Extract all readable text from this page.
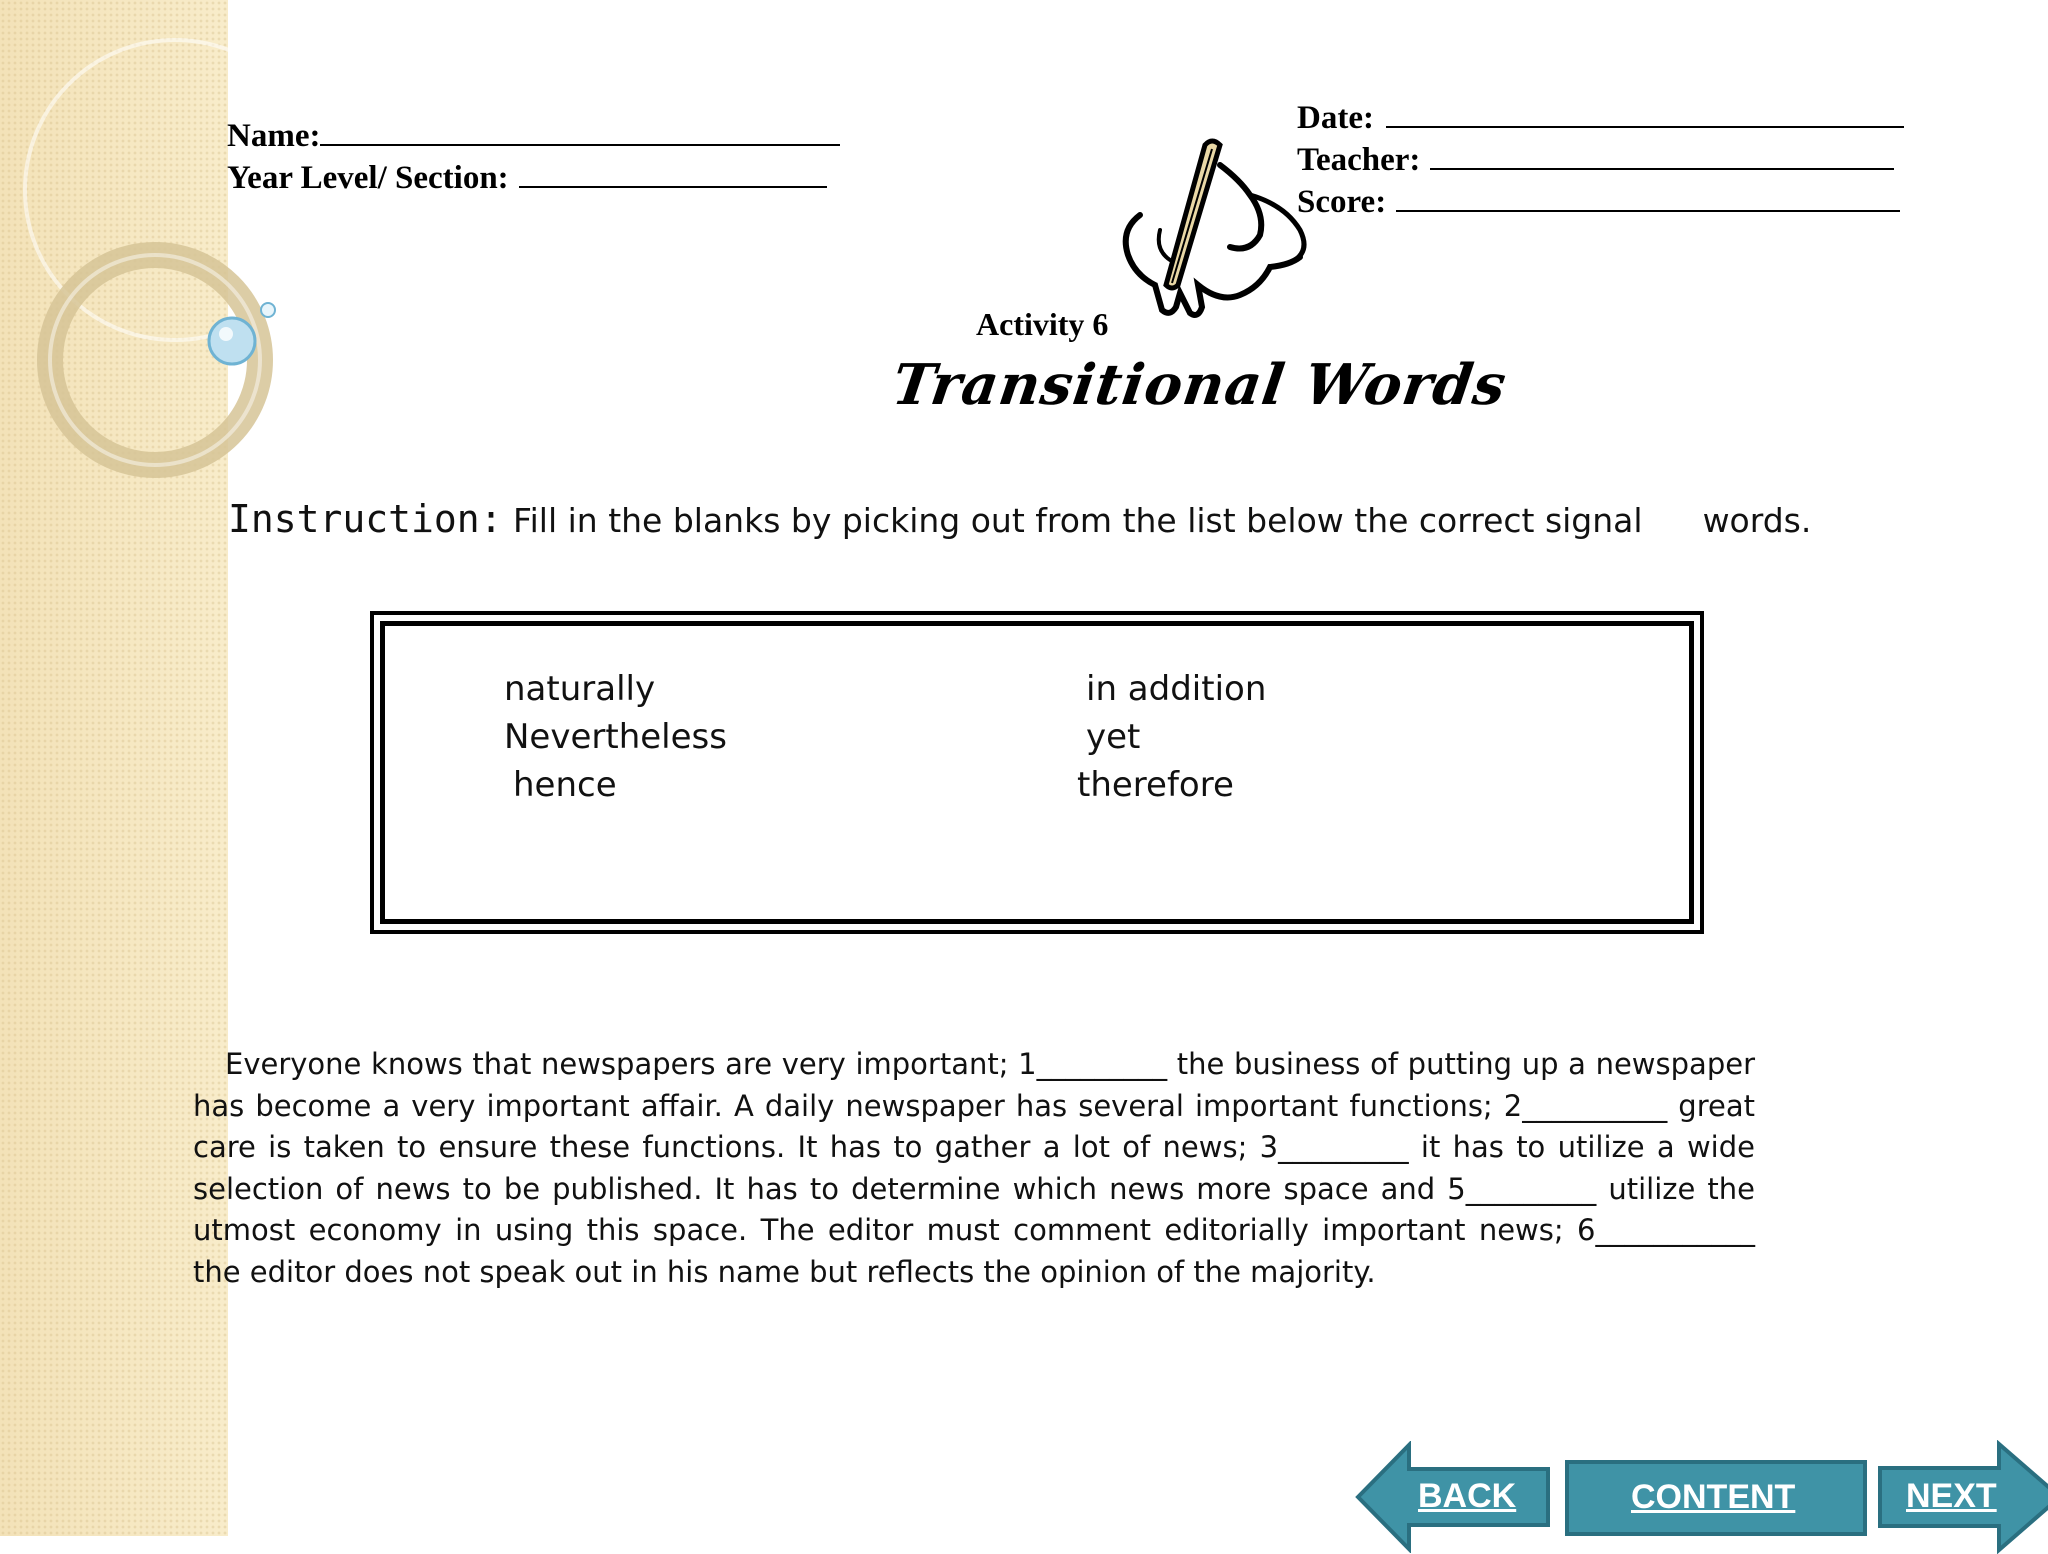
Name:
Year Level/ Section:
Date:
Teacher:
Score:
Activity 6
Transitional Words
Instruction: Fill in the blanks by picking out from the list below the correct signal words.
naturally
Nevertheless
hence
in addition
yet
therefore
Everyone knows that newspapers are very important; 1_________ the business of putting up a newspaper has become a very important affair. A daily newspaper has several important functions; 2__________ great care is taken to ensure these functions. It has to gather a lot of news; 3_________ it has to utilize a wide selection of news to be published. It has to determine which news more space and 5_________ utilize the utmost economy in using this space. The editor must comment editorially important news; 6___________ the editor does not speak out in his name but reflects the opinion of the majority.
BACK	CONTENT	NEXT
